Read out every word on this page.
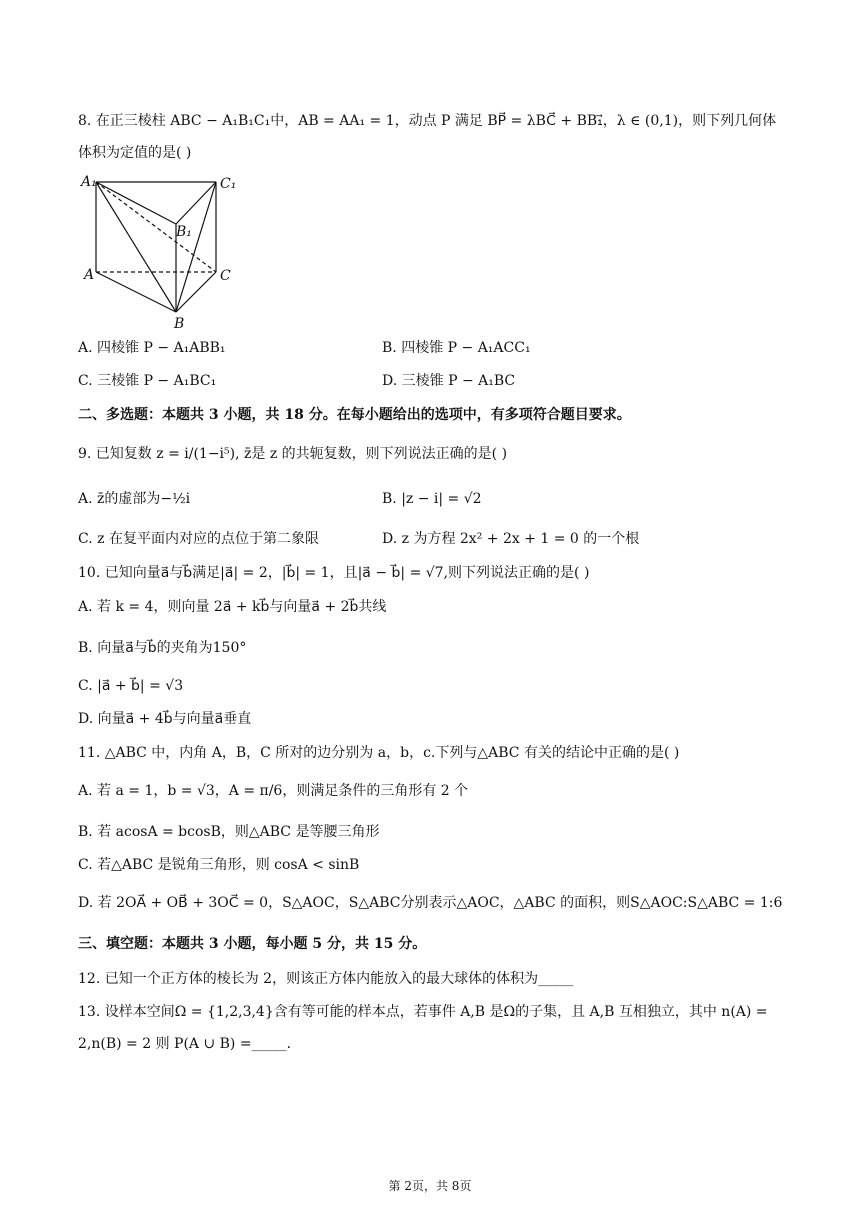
8. 在正三棱柱 ABC − A₁B₁C₁中，AB = AA₁ = 1，动点 P 满足 BP⃗ = λBC⃗ + BB₁⃗，λ ∈ (0,1)，则下列几何体
体积为定值的是( )
A₁	C₁
B₁
A	C
B
A. 四棱锥 P − A₁ABB₁	B. 四棱锥 P − A₁ACC₁
C. 三棱锥 P − A₁BC₁	D. 三棱锥 P − A₁BC
二、多选题：本题共 3 小题，共 18 分。在每小题给出的选项中，有多项符合题目要求。
9. 已知复数 z = i/(1−i⁵), z̄是 z 的共轭复数，则下列说法正确的是( )
A. z̄的虚部为−½i	B. |z − i| = √2
C. z 在复平面内对应的点位于第二象限	D. z 为方程 2x² + 2x + 1 = 0 的一个根
10. 已知向量a⃗与b⃗满足|a⃗| = 2，|b⃗| = 1，且|a⃗ − b⃗| = √7,则下列说法正确的是( )
A. 若 k = 4，则向量 2a⃗ + kb⃗与向量a⃗ + 2b⃗共线
B. 向量a⃗与b⃗的夹角为150°
C. |a⃗ + b⃗| = √3
D. 向量a⃗ + 4b⃗与向量a⃗垂直
11. △ABC 中，内角 A，B，C 所对的边分别为 a，b，c.下列与△ABC 有关的结论中正确的是( )
A. 若 a = 1，b = √3，A = π/6，则满足条件的三角形有 2 个
B. 若 acosA = bcosB，则△ABC 是等腰三角形
C. 若△ABC 是锐角三角形，则 cosA < sinB
D. 若 2OA⃗ + OB⃗ + 3OC⃗ = 0，S△AOC，S△ABC分别表示△AOC，△ABC 的面积，则S△AOC:S△ABC = 1:6
三、填空题：本题共 3 小题，每小题 5 分，共 15 分。
12. 已知一个正方体的棱长为 2，则该正方体内能放入的最大球体的体积为_____
13. 设样本空间Ω = {1,2,3,4}含有等可能的样本点，若事件 A,B 是Ω的子集，且 A,B 互相独立，其中 n(A) =
2,n(B) = 2 则 P(A ∪ B) =_____.
第 2页，共 8页
